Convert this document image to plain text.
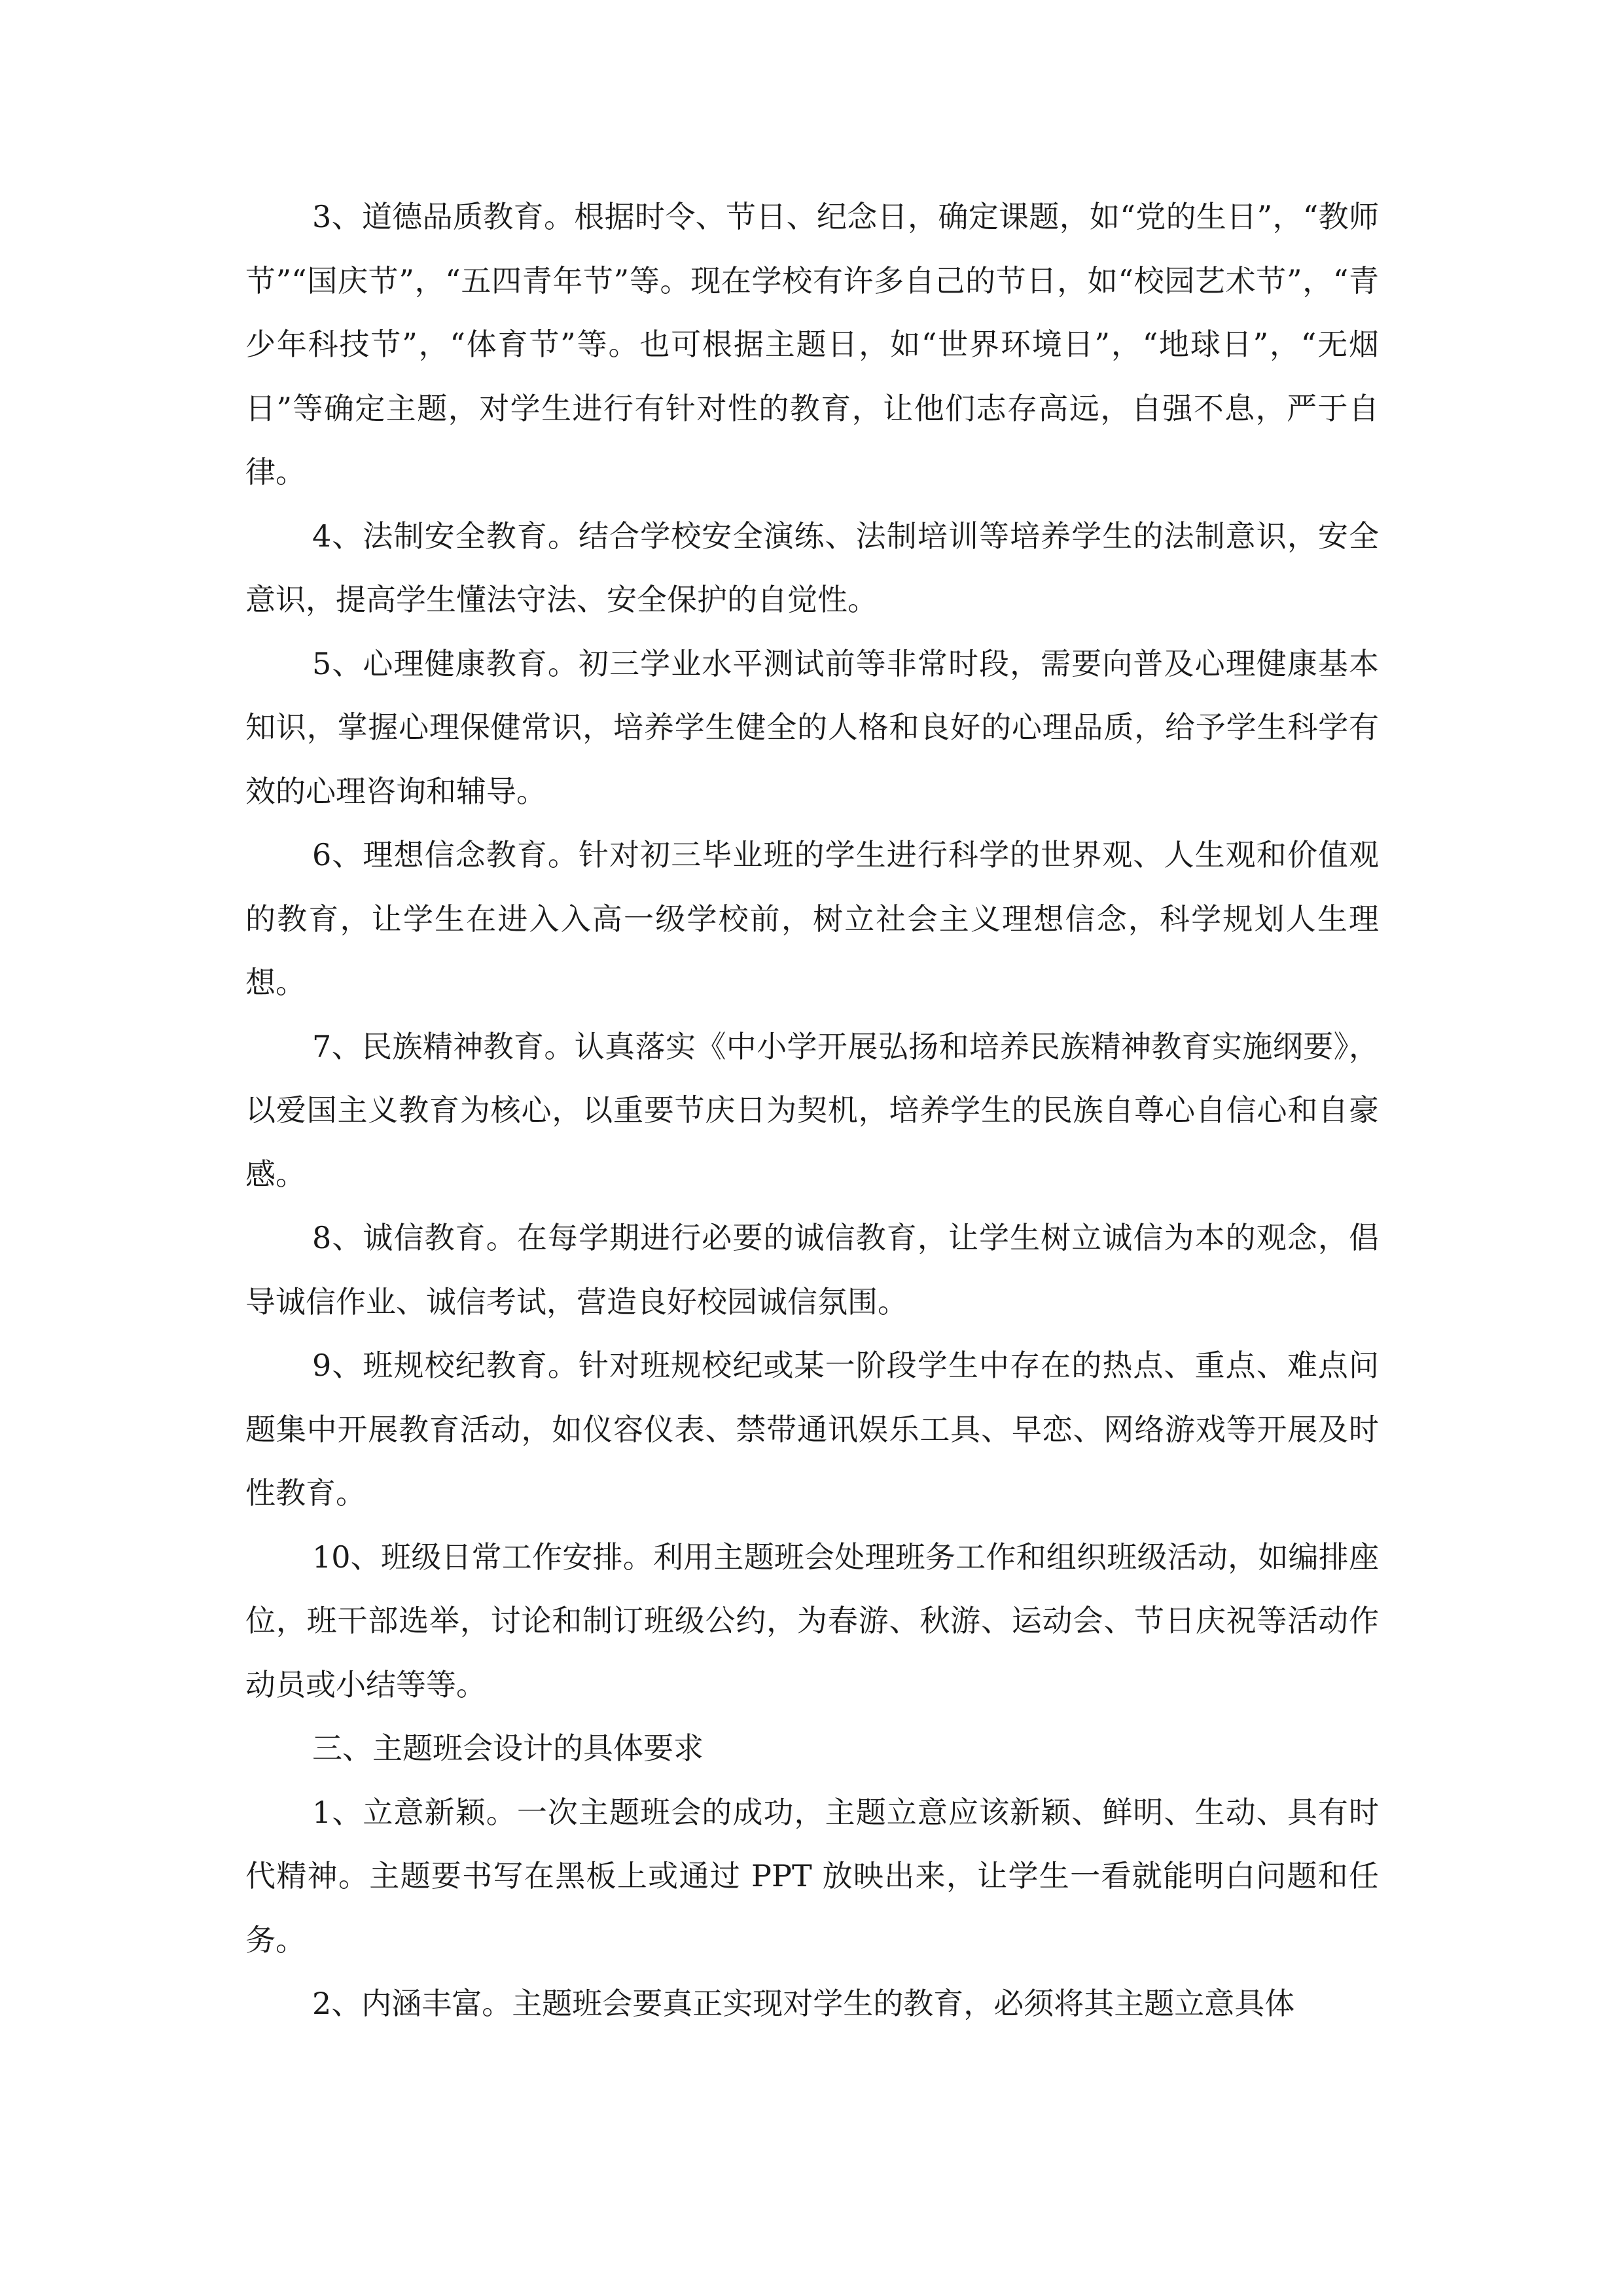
3、道德品质教育。根据时令、节日、纪念日，确定课题，如“党的生日”，“教师节”“国庆节”，“五四青年节”等。现在学校有许多自己的节日，如“校园艺术节”，“青少年科技节”，“体育节”等。也可根据主题日，如“世界环境日”，“地球日”，“无烟日”等确定主题，对学生进行有针对性的教育，让他们志存高远，自强不息，严于自律。

4、法制安全教育。结合学校安全演练、法制培训等培养学生的法制意识，安全意识，提高学生懂法守法、安全保护的自觉性。

5、心理健康教育。初三学业水平测试前等非常时段，需要向普及心理健康基本知识，掌握心理保健常识，培养学生健全的人格和良好的心理品质，给予学生科学有效的心理咨询和辅导。

6、理想信念教育。针对初三毕业班的学生进行科学的世界观、人生观和价值观的教育，让学生在进入入高一级学校前，树立社会主义理想信念，科学规划人生理想。

7、民族精神教育。认真落实《中小学开展弘扬和培养民族精神教育实施纲要》，以爱国主义教育为核心，以重要节庆日为契机，培养学生的民族自尊心自信心和自豪感。

8、诚信教育。在每学期进行必要的诚信教育，让学生树立诚信为本的观念，倡导诚信作业、诚信考试，营造良好校园诚信氛围。

9、班规校纪教育。针对班规校纪或某一阶段学生中存在的热点、重点、难点问题集中开展教育活动，如仪容仪表、禁带通讯娱乐工具、早恋、网络游戏等开展及时性教育。

10、班级日常工作安排。利用主题班会处理班务工作和组织班级活动，如编排座位，班干部选举，讨论和制订班级公约，为春游、秋游、运动会、节日庆祝等活动作动员或小结等等。

三、主题班会设计的具体要求

1、立意新颖。一次主题班会的成功，主题立意应该新颖、鲜明、生动、具有时代精神。主题要书写在黑板上或通过 PPT 放映出来，让学生一看就能明白问题和任务。

2、内涵丰富。主题班会要真正实现对学生的教育，必须将其主题立意具体
